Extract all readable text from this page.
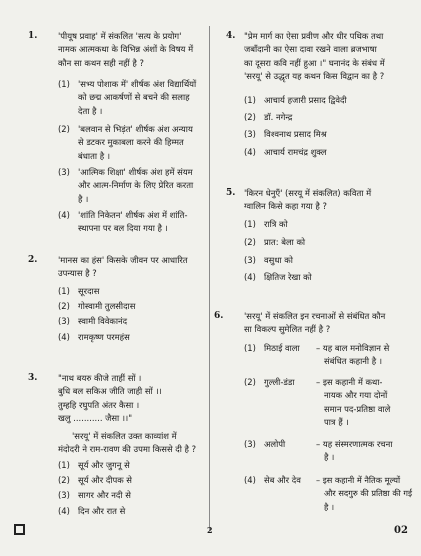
1. 'पीयूष प्रवाह' में संकलित 'सत्य के प्रयोग'
नामक आत्मकथा के विभिन्न अंशों के विषय में
कौन सा कथन सही नहीं है ?
(1) 'सभ्य पोशाक में' शीर्षक अंश विद्यार्थियों
को छद्म आकर्षणों से बचने की सलाह
देता है ।
(2) 'बलवान से भिड़ंत' शीर्षक अंश अन्याय
से डटकर मुकाबला करने की हिम्मत
बंधाता है ।
(3) 'आत्मिक शिक्षा' शीर्षक अंश हमें संयम
और आत्म-निर्माण के लिए प्रेरित करता
है ।
(4) 'शांति निकेतन' शीर्षक अंश में शांति-
स्थापना पर बल दिया गया है ।
2. 'मानस का हंस' किसके जीवन पर आधारित
उपन्यास है ?
(1) सूरदास
(2) गोस्वामी तुलसीदास
(3) स्वामी विवेकानंद
(4) रामकृष्ण परमहंस
3. "नाथ बयरु कीजे ताहीं सों ।
बुधि बल सकिअ जीति जाही सों ।।
तुम्हहि रघुपति अंतर कैसा ।
खलु ........... जैसा ।।"
'सरयू' में संकलित उक्त काव्यांश में
मंदोदरी ने राम-रावण की उपमा किससे दी है ?
(1) सूर्य और जुगनू से
(2) सूर्य और दीपक से
(3) सागर और नदी से
(4) दिन और रात से
4. "प्रेम मार्ग का ऐसा प्रवीण और धीर पथिक तथा
जबाँदानी का ऐसा दावा रखने वाला ब्रजभाषा
का दूसरा कवि नहीं हुआ ।" घनानंद के संबंध में
'सरयू' से उद्धृत यह कथन किस विद्वान का है ?
(1) आचार्य हजारी प्रसाद द्विवेदी
(2) डॉ. नगेन्द्र
(3) विश्वनाथ प्रसाद मिश्र
(4) आचार्य रामचंद्र शुक्ल
5. 'किरन धेनुएँ' (सरयू में संकलित) कविता में
ग्वालिन किसे कहा गया है ?
(1) रात्रि को
(2) प्रात: बेला को
(3) वसुधा को
(4) क्षितिज रेखा को
6. 'सरयू' में संकलित इन रचनाओं से संबंधित कौन
सा विकल्प सुमेलित नहीं है ?
(1) मिठाई वाला – यह बाल मनोविज्ञान से
संबंधित कहानी है ।
(2) गुल्ली-डंडा	– इस कहानी में कथा-
नायक और गया दोनों
समान पद-प्रतिष्ठा वाले
पात्र हैं ।
(3) अलोपी	– यह संस्मरणात्मक रचना
है ।
(4) सेब और देव – इस कहानी में नैतिक मूल्यों
और सदगुरु की प्रतिष्ठा की गई
है ।
2	02
